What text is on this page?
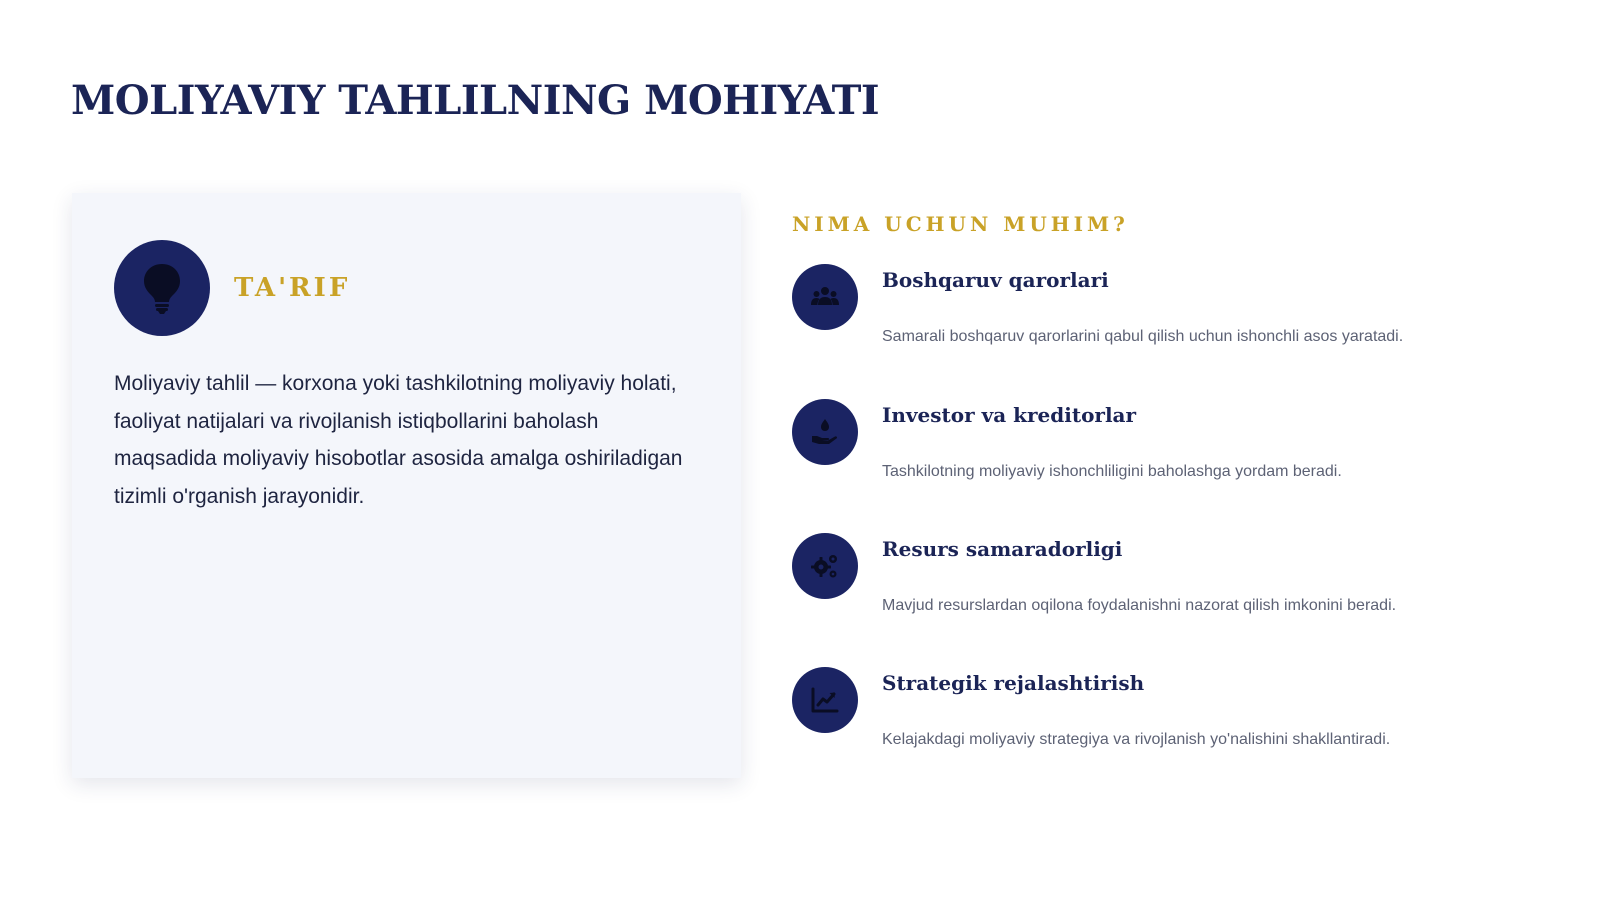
MOLIYAVIY TAHLILNING MOHIYATI
TA'RIF

Moliyaviy tahlil — korxona yoki tashkilotning moliyaviy holati, faoliyat natijalari va rivojlanish istiqbollarini baholash maqsadida moliyaviy hisobotlar asosida amalga oshiriladigan tizimli o'rganish jarayonidir.

NIMA UCHUN MUHIM?
Boshqaruv qarorlari

Samarali boshqaruv qarorlarini qabul qilish uchun ishonchli asos yaratadi.

Investor va kreditorlar

Tashkilotning moliyaviy ishonchliligini baholashga yordam beradi.

Resurs samaradorligi

Mavjud resurslardan oqilona foydalanishni nazorat qilish imkonini beradi.

Strategik rejalashtirish

Kelajakdagi moliyaviy strategiya va rivojlanish yo'nalishini shakllantiradi.
